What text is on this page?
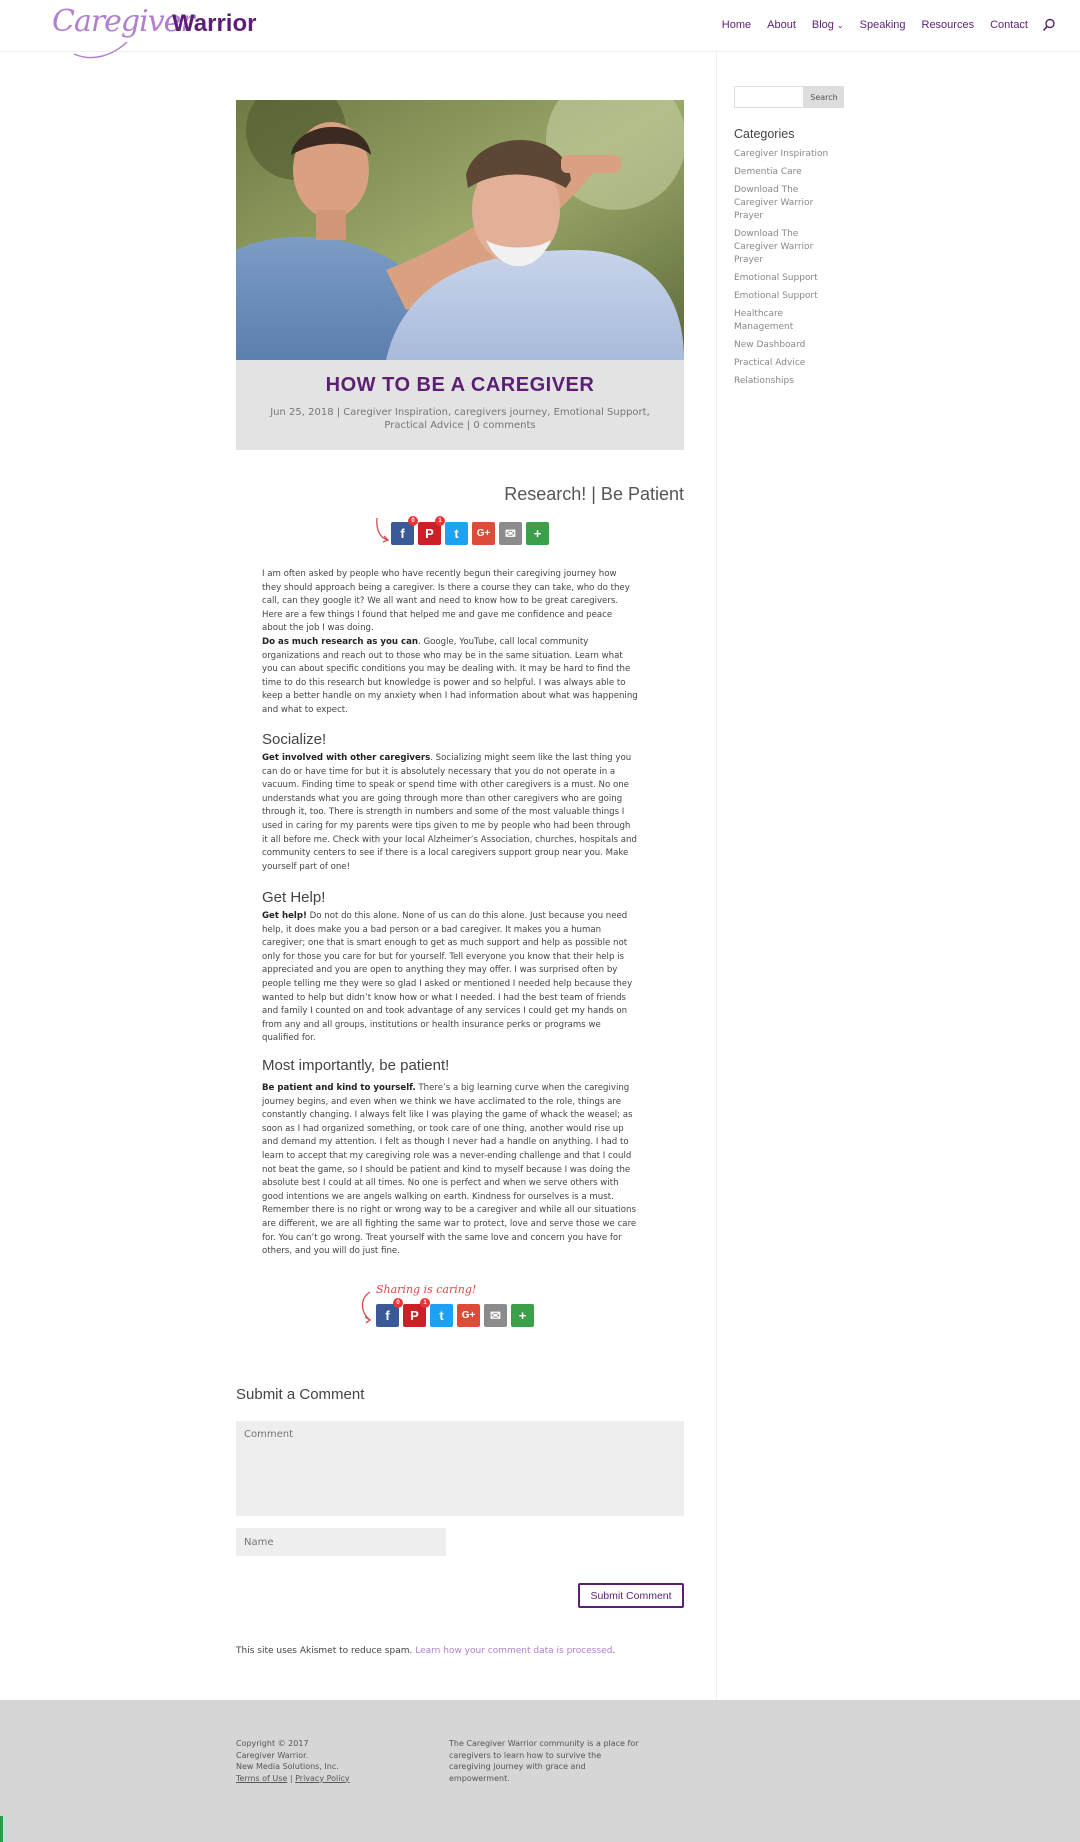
Caregiver
Warrior	Home About Blog ⌄ Speaking Resources Contact
HOW TO BE A CAREGIVER
Jun 25, 2018 | Caregiver Inspiration, caregivers journey, Emotional Support, Practical Advice | 0 comments
Research! | Be Patient
f
0
P
1
t G+ ✉ +

I am often asked by people who have recently begun their caregiving journey how they should approach being a caregiver. Is there a course they can take, who do they call, can they google it? We all want and need to know how to be great caregivers. Here are a few things I found that helped me and gave me confidence and peace about the job I was doing.

Do as much research as you can. Google, YouTube, call local community organizations and reach out to those who may be in the same situation. Learn what you can about specific conditions you may be dealing with. It may be hard to find the time to do this research but knowledge is power and so helpful. I was always able to keep a better handle on my anxiety when I had information about what was happening and what to expect.

Socialize!

Get involved with other caregivers. Socializing might seem like the last thing you can do or have time for but it is absolutely necessary that you do not operate in a vacuum. Finding time to speak or spend time with other caregivers is a must. No one understands what you are going through more than other caregivers who are going through it, too. There is strength in numbers and some of the most valuable things I used in caring for my parents were tips given to me by people who had been through it all before me. Check with your local Alzheimer’s Association, churches, hospitals and community centers to see if there is a local caregivers support group near you. Make yourself part of one!

Get Help!

Get help! Do not do this alone. None of us can do this alone. Just because you need help, it does make you a bad person or a bad caregiver. It makes you a human caregiver; one that is smart enough to get as much support and help as possible not only for those you care for but for yourself. Tell everyone you know that their help is appreciated and you are open to anything they may offer. I was surprised often by people telling me they were so glad I asked or mentioned I needed help because they wanted to help but didn’t know how or what I needed. I had the best team of friends and family I counted on and took advantage of any services I could get my hands on from any and all groups, institutions or health insurance perks or programs we qualified for.

Most importantly, be patient!

Be patient and kind to yourself. There’s a big learning curve when the caregiving journey begins, and even when we think we have acclimated to the role, things are constantly changing. I always felt like I was playing the game of whack the weasel; as soon as I had organized something, or took care of one thing, another would rise up and demand my attention. I felt as though I never had a handle on anything. I had to learn to accept that my caregiving role was a never-ending challenge and that I could not beat the game, so I should be patient and kind to myself because I was doing the absolute best I could at all times. No one is perfect and when we serve others with good intentions we are angels walking on earth. Kindness for ourselves is a must. Remember there is no right or wrong way to be a caregiver and while all our situations are different, we are all fighting the same war to protect, love and serve those we care for. You can’t go wrong. Treat yourself with the same love and concern you have for others, and you will do just fine.

Sharing is caring!
f
0
P
1
t G+ ✉ +
Submit a Comment
Comment
Name
Submit Comment
This site uses Akismet to reduce spam. Learn how your comment data is processed.
Search
Categories
Caregiver Inspiration
Dementia Care
Download The Caregiver Warrior Prayer
Download The Caregiver Warrior Prayer
Emotional Support
Emotional Support
Healthcare Management
New Dashboard
Practical Advice
Relationships
Copyright © 2017
Caregiver Warrior.
New Media Solutions, Inc.
Terms of Use | Privacy Policy
The Caregiver Warrior community is a place for caregivers to learn how to survive the caregiving journey with grace and empowerment.
